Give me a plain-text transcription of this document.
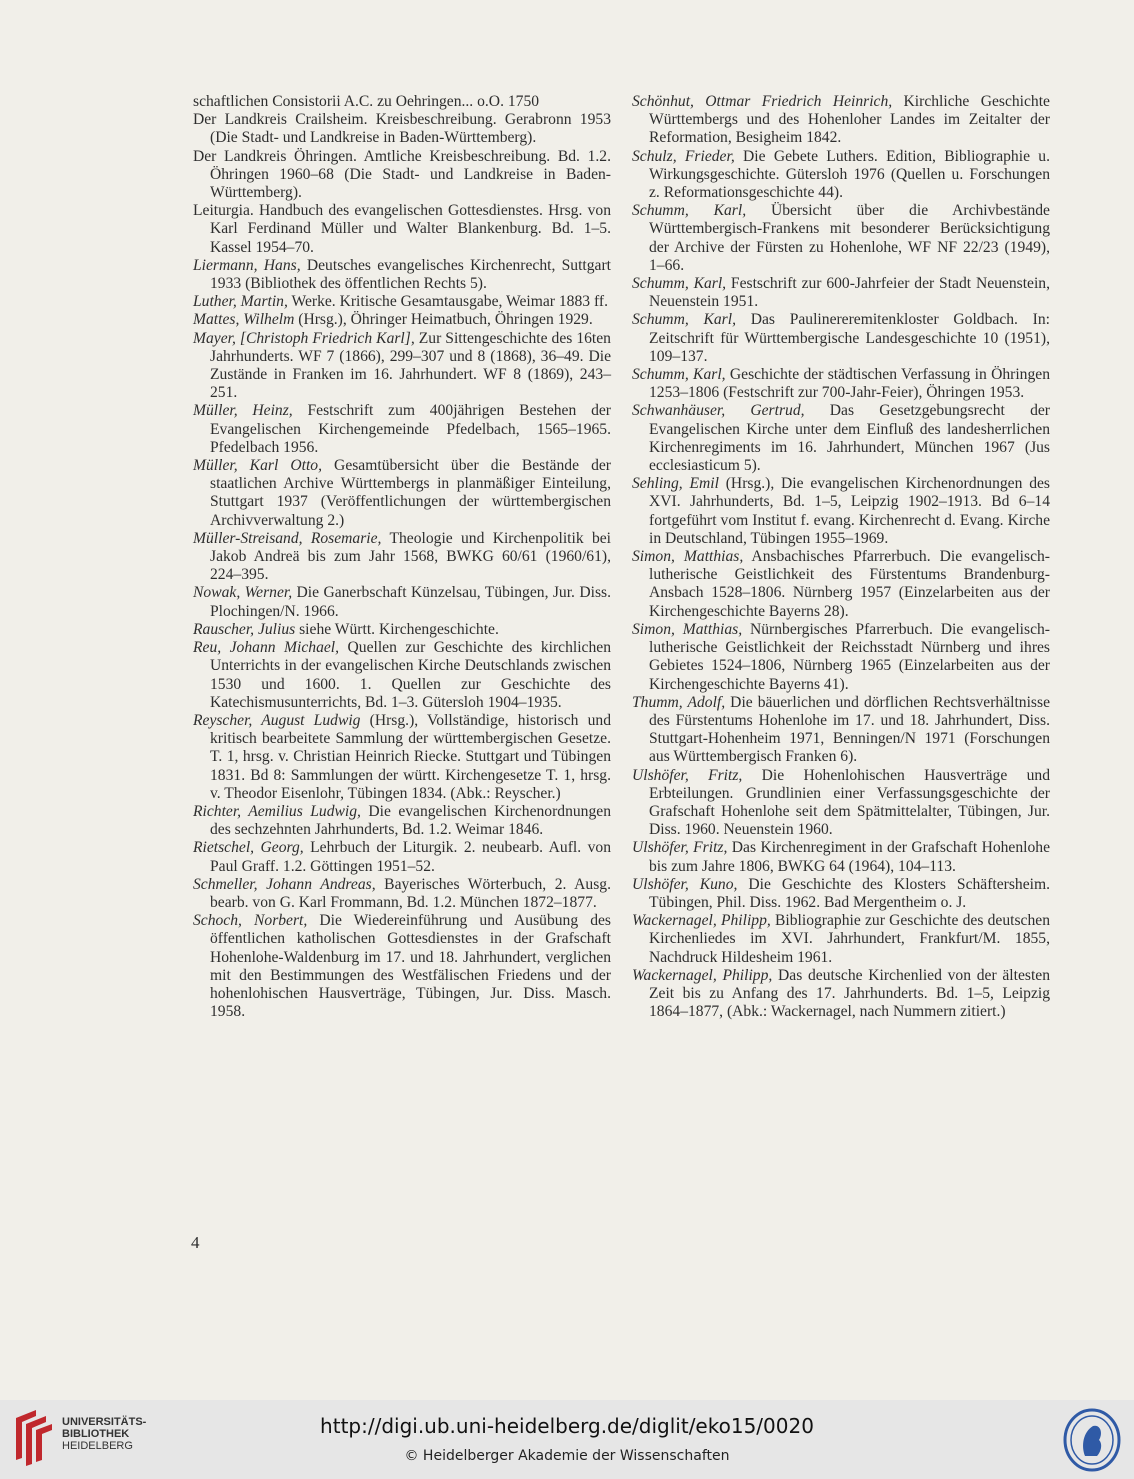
schaftlichen Consistorii A.C. zu Oehringen... o.O. 1750
Der Landkreis Crailsheim. Kreisbeschreibung. Gerabronn 1953 (Die Stadt- und Landkreise in Baden-Württemberg).
Der Landkreis Öhringen. Amtliche Kreisbeschreibung. Bd. 1.2. Öhringen 1960–68 (Die Stadt- und Landkreise in Baden-Württemberg).
Leiturgia. Handbuch des evangelischen Gottesdienstes. Hrsg. von Karl Ferdinand Müller und Walter Blankenburg. Bd. 1–5. Kassel 1954–70.
Liermann, Hans, Deutsches evangelisches Kirchenrecht, Suttgart 1933 (Bibliothek des öffentlichen Rechts 5).
Luther, Martin, Werke. Kritische Gesamtausgabe, Weimar 1883 ff.
Mattes, Wilhelm (Hrsg.), Öhringer Heimatbuch, Öhringen 1929.
Mayer, [Christoph Friedrich Karl], Zur Sittengeschichte des 16ten Jahrhunderts. WF 7 (1866), 299–307 und 8 (1868), 36–49. Die Zustände in Franken im 16. Jahrhundert. WF 8 (1869), 243–251.
Müller, Heinz, Festschrift zum 400jährigen Bestehen der Evangelischen Kirchengemeinde Pfedelbach, 1565–1965. Pfedelbach 1956.
Müller, Karl Otto, Gesamtübersicht über die Bestände der staatlichen Archive Württembergs in planmäßiger Einteilung, Stuttgart 1937 (Veröffentlichungen der württembergischen Archivverwaltung 2.)
Müller-Streisand, Rosemarie, Theologie und Kirchenpolitik bei Jakob Andreä bis zum Jahr 1568, BWKG 60/61 (1960/61), 224–395.
Nowak, Werner, Die Ganerbschaft Künzelsau, Tübingen, Jur. Diss. Plochingen/N. 1966.
Rauscher, Julius siehe Württ. Kirchengeschichte.
Reu, Johann Michael, Quellen zur Geschichte des kirchlichen Unterrichts in der evangelischen Kirche Deutschlands zwischen 1530 und 1600. 1. Quellen zur Geschichte des Katechismusunterrichts, Bd. 1–3. Gütersloh 1904–1935.
Reyscher, August Ludwig (Hrsg.), Vollständige, historisch und kritisch bearbeitete Sammlung der württembergischen Gesetze. T. 1, hrsg. v. Christian Heinrich Riecke. Stuttgart und Tübingen 1831. Bd 8: Sammlungen der württ. Kirchengesetze T. 1, hrsg. v. Theodor Eisenlohr, Tübingen 1834. (Abk.: Reyscher.)
Richter, Aemilius Ludwig, Die evangelischen Kirchenordnungen des sechzehnten Jahrhunderts, Bd. 1.2. Weimar 1846.
Rietschel, Georg, Lehrbuch der Liturgik. 2. neubearb. Aufl. von Paul Graff. 1.2. Göttingen 1951–52.
Schmeller, Johann Andreas, Bayerisches Wörterbuch, 2. Ausg. bearb. von G. Karl Frommann, Bd. 1.2. München 1872–1877.
Schoch, Norbert, Die Wiedereinführung und Ausübung des öffentlichen katholischen Gottesdienstes in der Grafschaft Hohenlohe-Waldenburg im 17. und 18. Jahrhundert, verglichen mit den Bestimmungen des Westfälischen Friedens und der hohenlohischen Hausverträge, Tübingen, Jur. Diss. Masch. 1958.
Schönhut, Ottmar Friedrich Heinrich, Kirchliche Geschichte Württembergs und des Hohenloher Landes im Zeitalter der Reformation, Besigheim 1842.
Schulz, Frieder, Die Gebete Luthers. Edition, Bibliographie u. Wirkungsgeschichte. Gütersloh 1976 (Quellen u. Forschungen z. Reformationsgeschichte 44).
Schumm, Karl, Übersicht über die Archivbestände Württembergisch-Frankens mit besonderer Berücksichtigung der Archive der Fürsten zu Hohenlohe, WF NF 22/23 (1949), 1–66.
Schumm, Karl, Festschrift zur 600-Jahrfeier der Stadt Neuenstein, Neuenstein 1951.
Schumm, Karl, Das Paulinereremitenkloster Goldbach. In: Zeitschrift für Württembergische Landesgeschichte 10 (1951), 109–137.
Schumm, Karl, Geschichte der städtischen Verfassung in Öhringen 1253–1806 (Festschrift zur 700-Jahr-Feier), Öhringen 1953.
Schwanhäuser, Gertrud, Das Gesetzgebungsrecht der Evangelischen Kirche unter dem Einfluß des landesherrlichen Kirchenregiments im 16. Jahrhundert, München 1967 (Jus ecclesiasticum 5).
Sehling, Emil (Hrsg.), Die evangelischen Kirchenordnungen des XVI. Jahrhunderts, Bd. 1–5, Leipzig 1902–1913. Bd 6–14 fortgeführt vom Institut f. evang. Kirchenrecht d. Evang. Kirche in Deutschland, Tübingen 1955–1969.
Simon, Matthias, Ansbachisches Pfarrerbuch. Die evangelisch-lutherische Geistlichkeit des Fürstentums Brandenburg-Ansbach 1528–1806. Nürnberg 1957 (Einzelarbeiten aus der Kirchengeschichte Bayerns 28).
Simon, Matthias, Nürnbergisches Pfarrerbuch. Die evangelisch-lutherische Geistlichkeit der Reichsstadt Nürnberg und ihres Gebietes 1524–1806, Nürnberg 1965 (Einzelarbeiten aus der Kirchengeschichte Bayerns 41).
Thumm, Adolf, Die bäuerlichen und dörflichen Rechtsverhältnisse des Fürstentums Hohenlohe im 17. und 18. Jahrhundert, Diss. Stuttgart-Hohenheim 1971, Benningen/N 1971 (Forschungen aus Württembergisch Franken 6).
Ulshöfer, Fritz, Die Hohenlohischen Hausverträge und Erbteilungen. Grundlinien einer Verfassungsgeschichte der Grafschaft Hohenlohe seit dem Spätmittelalter, Tübingen, Jur. Diss. 1960. Neuenstein 1960.
Ulshöfer, Fritz, Das Kirchenregiment in der Grafschaft Hohenlohe bis zum Jahre 1806, BWKG 64 (1964), 104–113.
Ulshöfer, Kuno, Die Geschichte des Klosters Schäftersheim. Tübingen, Phil. Diss. 1962. Bad Mergentheim o. J.
Wackernagel, Philipp, Bibliographie zur Geschichte des deutschen Kirchenliedes im XVI. Jahrhundert, Frankfurt/M. 1855, Nachdruck Hildesheim 1961.
Wackernagel, Philipp, Das deutsche Kirchenlied von der ältesten Zeit bis zu Anfang des 17. Jahrhunderts. Bd. 1–5, Leipzig 1864–1877, (Abk.: Wackernagel, nach Nummern zitiert.)
4
UNIVERSITÄTS-
BIBLIOTHEK
HEIDELBERG
http://digi.ub.uni-heidelberg.de/diglit/eko15/0020
© Heidelberger Akademie der Wissenschaften
